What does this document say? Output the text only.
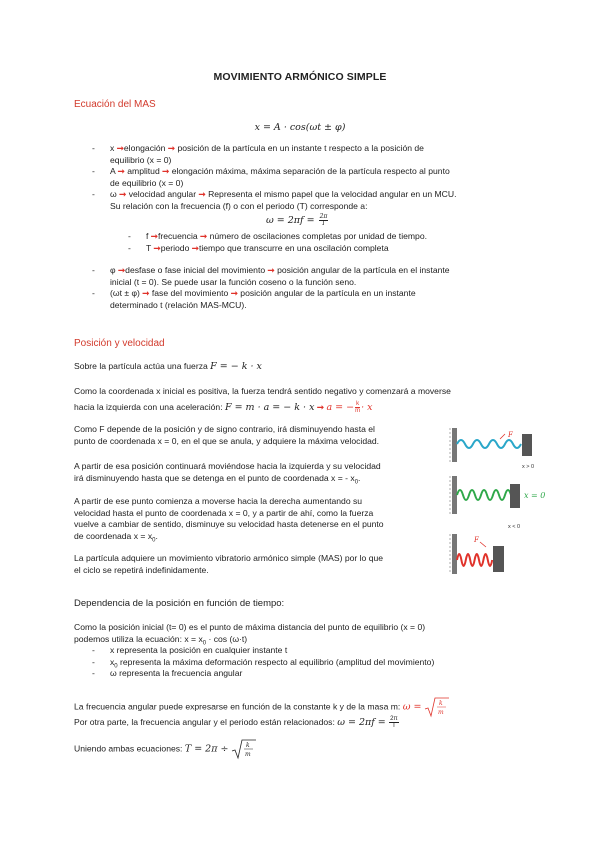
MOVIMIENTO ARMÓNICO SIMPLE
Ecuación del MAS
x = A · cos(ωt ± φ)
- x ➞elongación ➞ posición de la partícula en un instante t respecto a la posición de
equilibrio (x = 0)
- A ➞ amplitud ➞ elongación máxima, máxima separación de la partícula respecto al punto
de equilibrio (x = 0)
- ω ➞ velocidad angular ➞ Representa el mismo papel que la velocidad angular en un MCU.
Su relación con la frecuencia (f) o con el periodo (T) corresponde a:
$\omega = 2\pi f = \frac{2\pi}{T}$
- f ➞frecuencia ➞ número de oscilaciones completas por unidad de tiempo.
- T ➞periodo ➞tiempo que transcurre en una oscilación completa
- φ ➞desfase o fase inicial del movimiento ➞ posición angular de la partícula en el instante
inicial (t = 0). Se puede usar la función coseno o la función seno.
- (ωt ± φ) ➞ fase del movimiento ➞ posición angular de la partícula en un instante
determinado t (relación MAS-MCU).
Posición y velocidad
Sobre la partícula actúa una fuerza F = − k · x
Como la coordenada x inicial es positiva, la fuerza tendrá sentido negativo y comenzará a moverse
hacia la izquierda con una aceleración: F = m · a = − k · x ➞ a = − $\frac{k}{m} \cdot x$
Como F depende de la posición y de signo contrario, irá disminuyendo hasta el
punto de coordenada x = 0, en el que se anula, y adquiere la máxima velocidad.
A partir de esa posición continuará moviéndose hacia la izquierda y su velocidad
irá disminuyendo hasta que se detenga en el punto de coordenada x = - $x_0$.
A partir de ese punto comienza a moverse hacia la derecha aumentando su
velocidad hasta el punto de coordenada x = 0, y a partir de ahí, como la fuerza
vuelve a cambiar de sentido, disminuye su velocidad hasta detenerse en el punto
de coordenada $x = x_0$.
La partícula adquiere un movimiento vibratorio armónico simple (MAS) por lo que
el ciclo se repetirá indefinidamente.
F
x > 0
x = 0
x < 0
F
Dependencia de la posición en función de tiempo:
Como la posición inicial (t= 0) es el punto de máxima distancia del punto de equilibrio (x = 0)
podemos utiliza la ecuación: $x = x_0 \cdot \cos (\omega\cdot t)$
- x representa la posición en cualquier instante t
- $x_0$ representa la máxima deformación respecto al equilibrio (amplitud del movimiento)
- ω representa la frecuencia angular
La frecuencia angular puede expresarse en función de la constante k y de la masa m: ω =	k
m
Por otra parte, la frecuencia angular y el periodo están relacionados: $\omega = 2\pi f = \frac{2\pi}{T}$
Uniendo ambas ecuaciones: T = 2π ÷	k
m
